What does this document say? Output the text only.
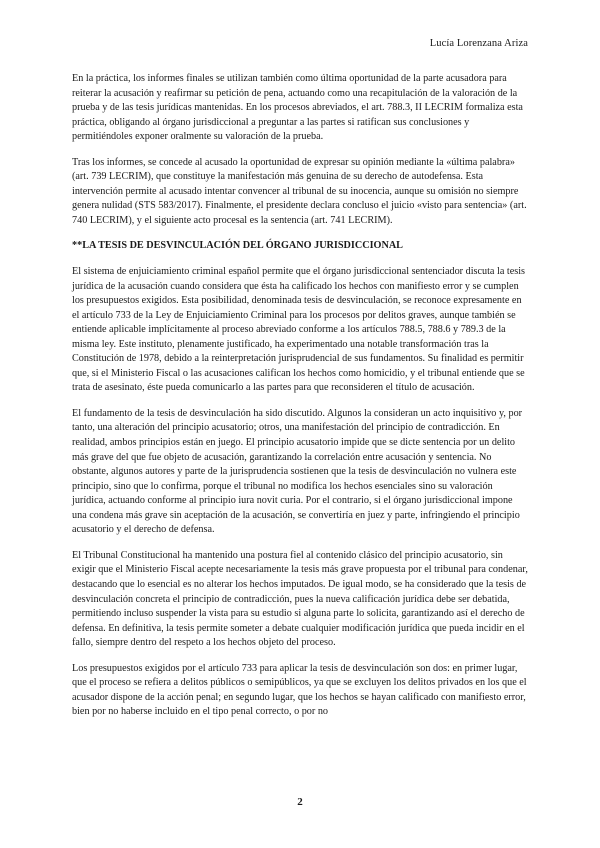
Lucía Lorenzana Ariza

En la práctica, los informes finales se utilizan también como última oportunidad de la parte acusadora para reiterar la acusación y reafirmar su petición de pena, actuando como una recapitulación de la valoración de la prueba y de las tesis jurídicas mantenidas. En los procesos abreviados, el art. 788.3, II LECRIM formaliza esta práctica, obligando al órgano jurisdiccional a preguntar a las partes si ratifican sus conclusiones y permitiéndoles exponer oralmente su valoración de la prueba.

Tras los informes, se concede al acusado la oportunidad de expresar su opinión mediante la «última palabra» (art. 739 LECRIM), que constituye la manifestación más genuina de su derecho de autodefensa. Esta intervención permite al acusado intentar convencer al tribunal de su inocencia, aunque su omisión no siempre genera nulidad (STS 583/2017). Finalmente, el presidente declara concluso el juicio «visto para sentencia» (art. 740 LECRIM), y el siguiente acto procesal es la sentencia (art. 741 LECRIM).

**LA TESIS DE DESVINCULACIÓN DEL ÓRGANO JURISDICCIONAL

El sistema de enjuiciamiento criminal español permite que el órgano jurisdiccional sentenciador discuta la tesis jurídica de la acusación cuando considera que ésta ha calificado los hechos con manifiesto error y se cumplen los presupuestos exigidos. Esta posibilidad, denominada tesis de desvinculación, se reconoce expresamente en el artículo 733 de la Ley de Enjuiciamiento Criminal para los procesos por delitos graves, aunque también se entiende aplicable implícitamente al proceso abreviado conforme a los artículos 788.5, 788.6 y 789.3 de la misma ley. Este instituto, plenamente justificado, ha experimentado una notable transformación tras la Constitución de 1978, debido a la reinterpretación jurisprudencial de sus fundamentos. Su finalidad es permitir que, si el Ministerio Fiscal o las acusaciones califican los hechos como homicidio, y el tribunal entiende que se trata de asesinato, éste pueda comunicarlo a las partes para que reconsideren el título de acusación.

El fundamento de la tesis de desvinculación ha sido discutido. Algunos la consideran un acto inquisitivo y, por tanto, una alteración del principio acusatorio; otros, una manifestación del principio de contradicción. En realidad, ambos principios están en juego. El principio acusatorio impide que se dicte sentencia por un delito más grave del que fue objeto de acusación, garantizando la correlación entre acusación y sentencia. No obstante, algunos autores y parte de la jurisprudencia sostienen que la tesis de desvinculación no vulnera este principio, sino que lo confirma, porque el tribunal no modifica los hechos esenciales sino su valoración jurídica, actuando conforme al principio iura novit curia. Por el contrario, si el órgano jurisdiccional impone una condena más grave sin aceptación de la acusación, se convertiría en juez y parte, infringiendo el principio acusatorio y el derecho de defensa.

El Tribunal Constitucional ha mantenido una postura fiel al contenido clásico del principio acusatorio, sin exigir que el Ministerio Fiscal acepte necesariamente la tesis más grave propuesta por el tribunal para condenar, destacando que lo esencial es no alterar los hechos imputados. De igual modo, se ha considerado que la tesis de desvinculación concreta el principio de contradicción, pues la nueva calificación jurídica debe ser debatida, permitiendo incluso suspender la vista para su estudio si alguna parte lo solicita, garantizando así el derecho de defensa. En definitiva, la tesis permite someter a debate cualquier modificación jurídica que pueda incidir en el fallo, siempre dentro del respeto a los hechos objeto del proceso.

Los presupuestos exigidos por el artículo 733 para aplicar la tesis de desvinculación son dos: en primer lugar, que el proceso se refiera a delitos públicos o semipúblicos, ya que se excluyen los delitos privados en los que el acusador dispone de la acción penal; en segundo lugar, que los hechos se hayan calificado con manifiesto error, bien por no haberse incluido en el tipo penal correcto, o por no

2
